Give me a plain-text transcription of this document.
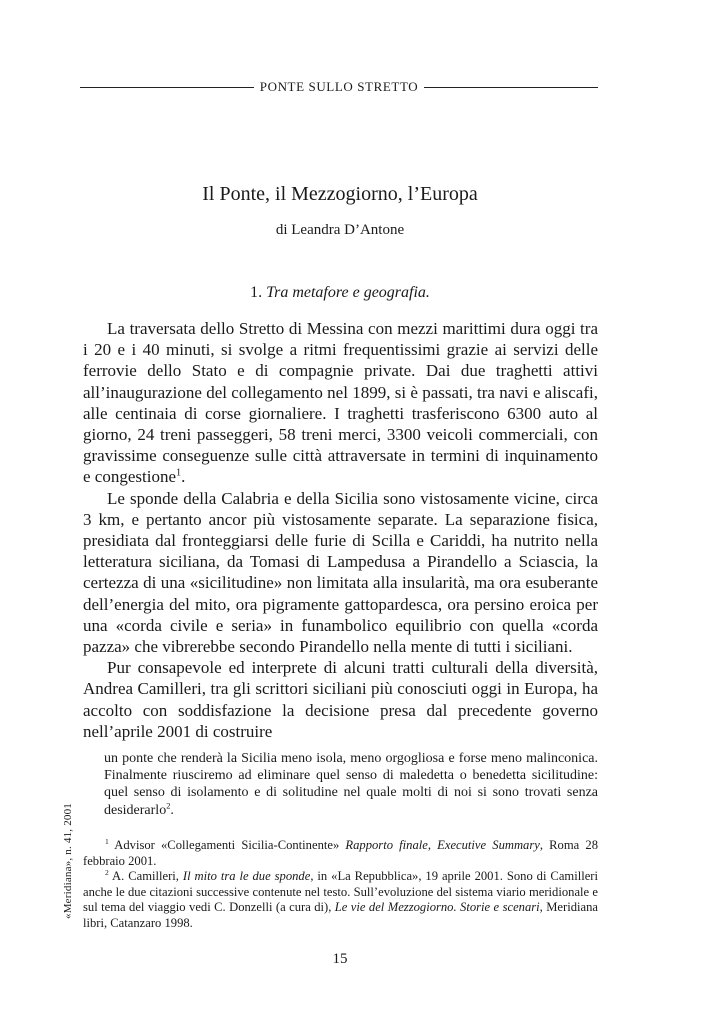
PONTE SULLO STRETTO
Il Ponte, il Mezzogiorno, l’Europa
di Leandra D’Antone
1. Tra metafore e geografia.

La traversata dello Stretto di Messina con mezzi marittimi dura oggi tra i 20 e i 40 minuti, si svolge a ritmi frequentissimi grazie ai servizi delle ferrovie dello Stato e di compagnie private. Dai due traghetti attivi all’inaugurazione del collegamento nel 1899, si è passati, tra navi e aliscafi, alle centinaia di corse giornaliere. I traghetti trasferiscono 6300 auto al giorno, 24 treni passeggeri, 58 treni merci, 3300 veicoli commerciali, con gravissime conseguenze sulle città attraversate in termini di inquinamento e congestione$^1$.

Le sponde della Calabria e della Sicilia sono vistosamente vicine, circa 3 km, e pertanto ancor più vistosamente separate. La separazione fisica, presidiata dal fronteggiarsi delle furie di Scilla e Cariddi, ha nutrito nella letteratura siciliana, da Tomasi di Lampedusa a Pirandello a Sciascia, la certezza di una «sicilitudine» non limitata alla insularità, ma ora esuberante dell’energia del mito, ora pigramente gattopardesca, ora persino eroica per una «corda civile e seria» in funambolico equilibrio con quella «corda pazza» che vibrerebbe secondo Pirandello nella mente di tutti i siciliani.

Pur consapevole ed interprete di alcuni tratti culturali della diversità, Andrea Camilleri, tra gli scrittori siciliani più conosciuti oggi in Europa, ha accolto con soddisfazione la decisione presa dal precedente governo nell’aprile 2001 di costruire

un ponte che renderà la Sicilia meno isola, meno orgogliosa e forse meno malinconica. Finalmente riusciremo ad eliminare quel senso di maledetta o benedetta sicilitudine: quel senso di isolamento e di solitudine nel quale molti di noi si sono trovati senza desiderarlo$^2$.

$^1$ Advisor «Collegamenti Sicilia-Continente» Rapporto finale, Executive Summary, Roma 28 febbraio 2001.

$^2$ A. Camilleri, Il mito tra le due sponde, in «La Repubblica», 19 aprile 2001. Sono di Camilleri anche le due citazioni successive contenute nel testo. Sull’evoluzione del sistema viario meridionale e sul tema del viaggio vedi C. Donzelli (a cura di), Le vie del Mezzogiorno. Storie e scenari, Meridiana libri, Catanzaro 1998.

15
«Meridiana», n. 41, 2001
